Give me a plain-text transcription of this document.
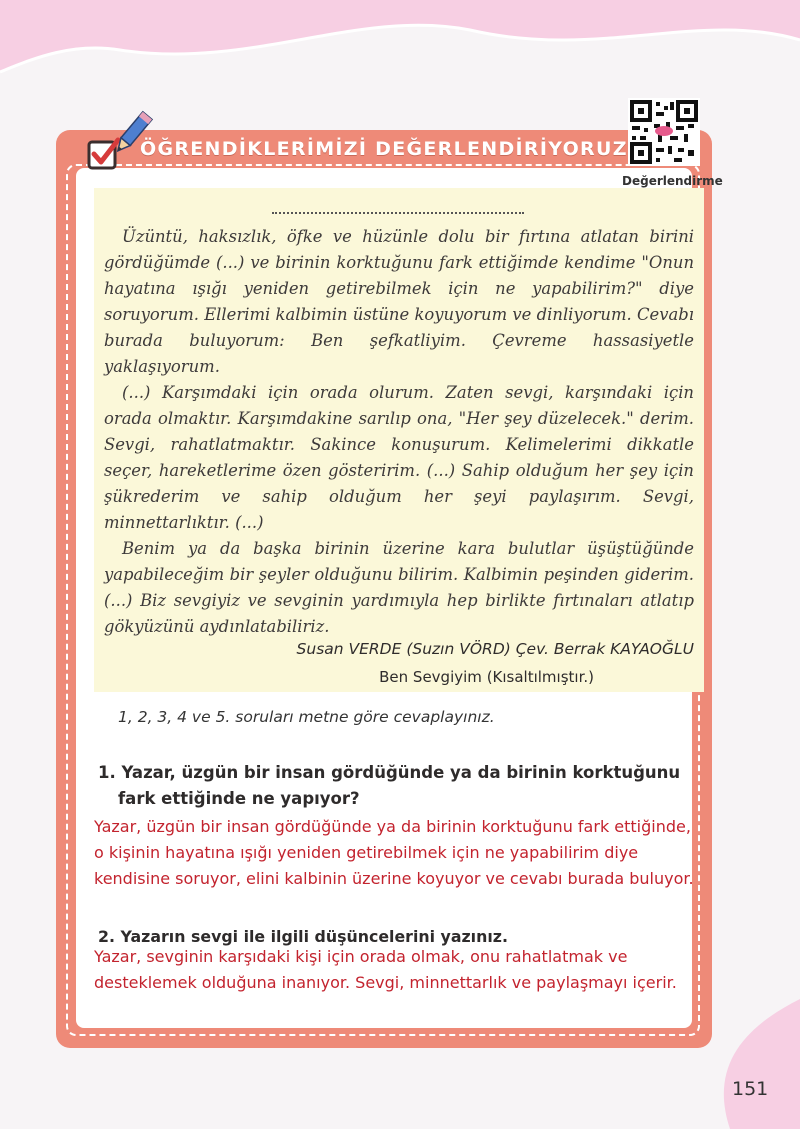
ÖĞRENDİKLERİMİZİ DEĞERLENDİRİYORUZ
Değerlendirme

Üzüntü, haksızlık, öfke ve hüzünle dolu bir fırtına atlatan birini gördüğümde (...) ve birinin korktuğunu fark ettiğimde kendime "Onun hayatına ışığı yeniden getirebilmek için ne yapabilirim?" diye soruyorum. Ellerimi kalbimin üstüne koyuyorum ve dinliyorum. Cevabı burada buluyorum: Ben şefkatliyim. Çevreme hassasiyetle yaklaşıyorum.

(...) Karşımdaki için orada olurum. Zaten sevgi, karşındaki için orada olmaktır. Karşımdakine sarılıp ona, "Her şey düzelecek." derim. Sevgi, rahatlatmaktır. Sakince konuşurum. Kelimelerimi dikkatle seçer, hareketlerime özen gösteririm. (...) Sahip olduğum her şey için şükrederim ve sahip olduğum her şeyi paylaşırım. Sevgi, minnettarlıktır. (...)

Benim ya da başka birinin üzerine kara bulutlar üşüştüğünde yapabileceğim bir şeyler olduğunu bilirim. Kalbimin peşinden giderim. (...) Biz sevgiyiz ve sevginin yardımıyla hep birlikte fırtınaları atlatıp gökyüzünü aydınlatabiliriz.

Susan VERDE (Suzın VÖRD) Çev. Berrak KAYAOĞLU
Ben Sevgiyim (Kısaltılmıştır.)
1, 2, 3, 4 ve 5. soruları metne göre cevaplayınız.
1. Yazar, üzgün bir insan gördüğünde ya da birinin korktuğunu
fark ettiğinde ne yapıyor?
Yazar, üzgün bir insan gördüğünde ya da birinin korktuğunu fark ettiğinde, o kişinin hayatına ışığı yeniden getirebilmek için ne yapabilirim diye kendisine soruyor, elini kalbinin üzerine koyuyor ve cevabı burada buluyor.
2. Yazarın sevgi ile ilgili düşüncelerini yazınız.
Yazar, sevginin karşıdaki kişi için orada olmak, onu rahatlatmak ve desteklemek olduğuna inanıyor. Sevgi, minnettarlık ve paylaşmayı içerir.
151
